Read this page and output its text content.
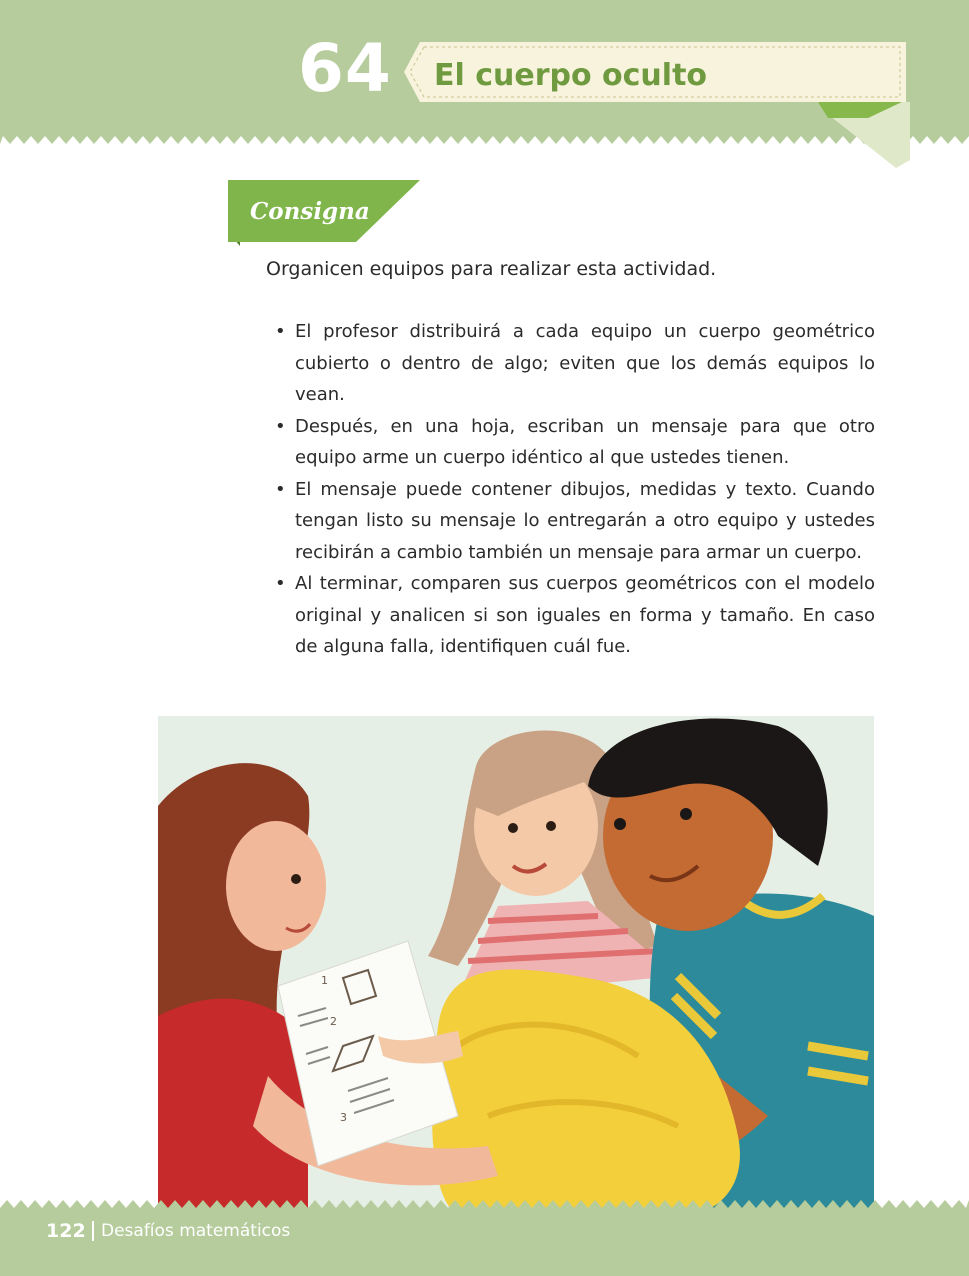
64 El cuerpo oculto
Consigna

Organicen equipos para realizar esta actividad.

• El profesor distribuirá a cada equipo un cuerpo geométrico cubierto o dentro de algo; eviten que los demás equipos lo vean.
• Después, en una hoja, escriban un mensaje para que otro equipo arme un cuerpo idéntico al que ustedes tienen.
• El mensaje puede contener dibujos, medidas y texto. Cuando tengan listo su mensaje lo entregarán a otro equipo y ustedes recibirán a cambio también un mensaje para armar un cuerpo.
• Al terminar, comparen sus cuerpos geométricos con el modelo original y analicen si son iguales en forma y tamaño. En caso de alguna falla, identifiquen cuál fue.
1
2
3
122 Desafíos matemáticos
